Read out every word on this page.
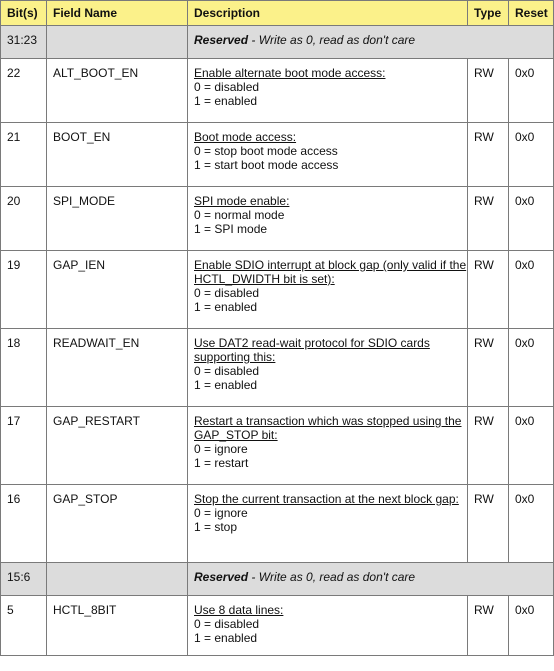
Bit(s)	Field Name	Description	Type	Reset
31:23		Reserved - Write as 0, read as don't care		
22	ALT_BOOT_EN	Enable alternate boot mode access:
0 = disabled
1 = enabled	RW	0x0
21	BOOT_EN	Boot mode access:
0 = stop boot mode access
1 = start boot mode access	RW	0x0
20	SPI_MODE	SPI mode enable:
0 = normal mode
1 = SPI mode	RW	0x0
19	GAP_IEN	Enable SDIO interrupt at block gap (only valid if the HCTL_DWIDTH bit is set):
0 = disabled
1 = enabled	RW	0x0
18	READWAIT_EN	Use DAT2 read-wait protocol for SDIO cards supporting this:
0 = disabled
1 = enabled	RW	0x0
17	GAP_RESTART	Restart a transaction which was stopped using the GAP_STOP bit:
0 = ignore
1 = restart	RW	0x0
16	GAP_STOP	Stop the current transaction at the next block gap:
0 = ignore
1 = stop	RW	0x0
15:6		Reserved - Write as 0, read as don't care		
5	HCTL_8BIT	Use 8 data lines:
0 = disabled
1 = enabled	RW	0x0
